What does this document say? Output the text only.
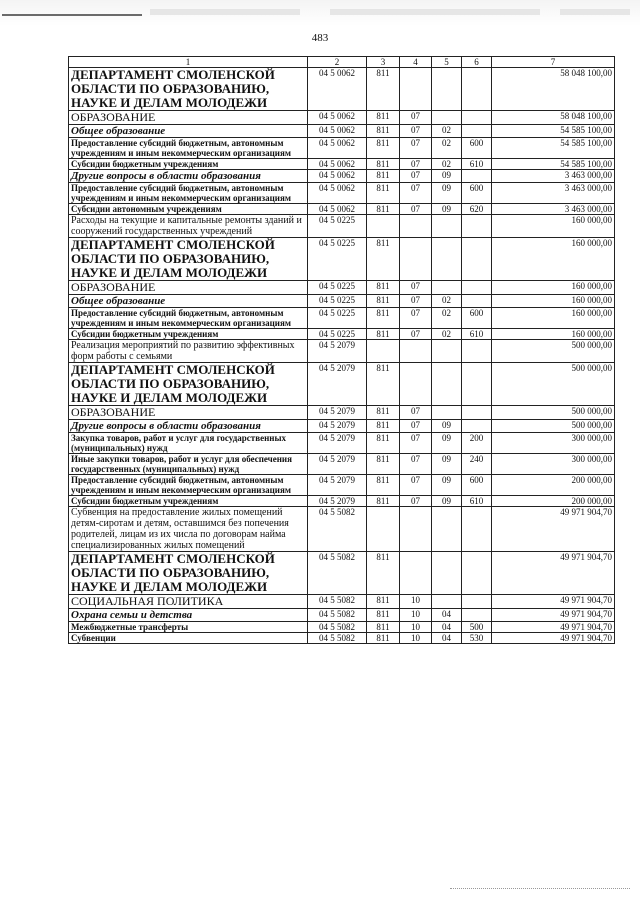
483
1	2	3	4	5	6	7
ДЕПАРТАМЕНТ СМОЛЕНСКОЙ ОБЛАСТИ ПО ОБРАЗОВАНИЮ, НАУКЕ И ДЕЛАМ МОЛОДЕЖИ	04 5 0062	811				58 048 100,00
ОБРАЗОВАНИЕ	04 5 0062	811	07			58 048 100,00
Общее образование	04 5 0062	811	07	02		54 585 100,00
Предоставление субсидий бюджетным, автономным учреждениям и иным некоммерческим организациям	04 5 0062	811	07	02	600	54 585 100,00
Субсидии бюджетным учреждениям	04 5 0062	811	07	02	610	54 585 100,00
Другие вопросы в области образования	04 5 0062	811	07	09		3 463 000,00
Предоставление субсидий бюджетным, автономным учреждениям и иным некоммерческим организациям	04 5 0062	811	07	09	600	3 463 000,00
Субсидии автономным учреждениям	04 5 0062	811	07	09	620	3 463 000,00
Расходы на текущие и капитальные ремонты зданий и сооружений государственных учреждений	04 5 0225					160 000,00
ДЕПАРТАМЕНТ СМОЛЕНСКОЙ ОБЛАСТИ ПО ОБРАЗОВАНИЮ, НАУКЕ И ДЕЛАМ МОЛОДЕЖИ	04 5 0225	811				160 000,00
ОБРАЗОВАНИЕ	04 5 0225	811	07			160 000,00
Общее образование	04 5 0225	811	07	02		160 000,00
Предоставление субсидий бюджетным, автономным учреждениям и иным некоммерческим организациям	04 5 0225	811	07	02	600	160 000,00
Субсидии бюджетным учреждениям	04 5 0225	811	07	02	610	160 000,00
Реализация мероприятий по развитию эффективных форм работы с семьями	04 5 2079					500 000,00
ДЕПАРТАМЕНТ СМОЛЕНСКОЙ ОБЛАСТИ ПО ОБРАЗОВАНИЮ, НАУКЕ И ДЕЛАМ МОЛОДЕЖИ	04 5 2079	811				500 000,00
ОБРАЗОВАНИЕ	04 5 2079	811	07			500 000,00
Другие вопросы в области образования	04 5 2079	811	07	09		500 000,00
Закупка товаров, работ и услуг для государственных (муниципальных) нужд	04 5 2079	811	07	09	200	300 000,00
Иные закупки товаров, работ и услуг для обеспечения государственных (муниципальных) нужд	04 5 2079	811	07	09	240	300 000,00
Предоставление субсидий бюджетным, автономным учреждениям и иным некоммерческим организациям	04 5 2079	811	07	09	600	200 000,00
Субсидии бюджетным учреждениям	04 5 2079	811	07	09	610	200 000,00
Субвенция на предоставление жилых помещений детям-сиротам и детям, оставшимся без попечения родителей, лицам из их числа по договорам найма специализированных жилых помещений	04 5 5082					49 971 904,70
ДЕПАРТАМЕНТ СМОЛЕНСКОЙ ОБЛАСТИ ПО ОБРАЗОВАНИЮ, НАУКЕ И ДЕЛАМ МОЛОДЕЖИ	04 5 5082	811				49 971 904,70
СОЦИАЛЬНАЯ ПОЛИТИКА	04 5 5082	811	10			49 971 904,70
Охрана семьи и детства	04 5 5082	811	10	04		49 971 904,70
Межбюджетные трансферты	04 5 5082	811	10	04	500	49 971 904,70
Субвенции	04 5 5082	811	10	04	530	49 971 904,70
